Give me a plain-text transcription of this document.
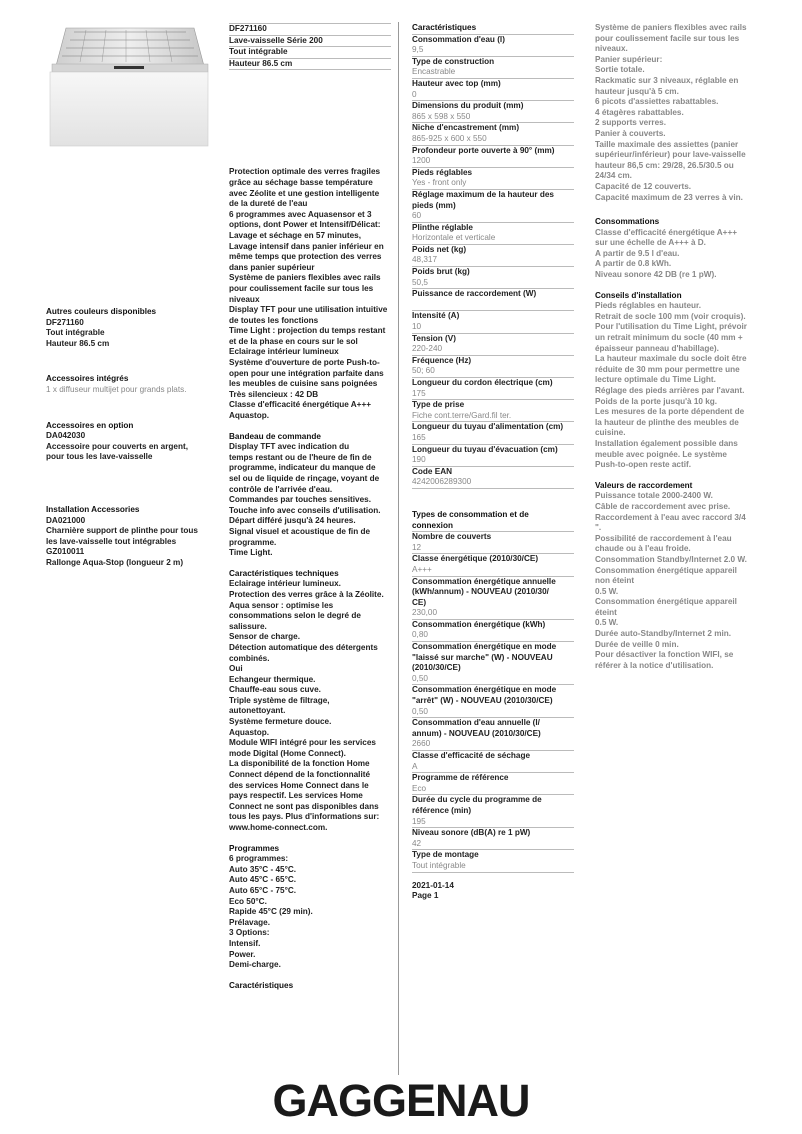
Autres couleurs disponibles
DF271160
Tout intégrable
Hauteur 86.5 cm
Accessoires intégrés
1 x diffuseur multijet pour grands plats.
Accessoires en option
DA042030
Accessoire pour couverts en argent,
pour tous les lave-vaisselle
Installation Accessories
DA021000
Charnière support de plinthe pour tous
les lave-vaisselle tout intégrables
GZ010011
Rallonge Aqua-Stop (longueur 2 m)
DF271160
Lave-vaisselle Série 200
Tout intégrable
Hauteur 86.5 cm
Protection optimale des verres fragiles
grâce au séchage basse température
avec Zéolite et une gestion intelligente
de la dureté de l'eau
6 programmes avec Aquasensor et 3
options, dont Power et Intensif/Délicat:
Lavage et séchage en 57 minutes,
Lavage intensif dans panier inférieur en
même temps que protection des verres
dans panier supérieur
Système de paniers flexibles avec rails
pour coulissement facile sur tous les
niveaux
Display TFT pour une utilisation intuitive
de toutes les fonctions
Time Light : projection du temps restant
et de la phase en cours sur le sol
Eclairage intérieur lumineux
Système d'ouverture de porte Push-to-
open pour une intégration parfaite dans
les meubles de cuisine sans poignées
Très silencieux : 42 DB
Classe d'efficacité énergétique A+++
Aquastop.
Bandeau de commande
Display TFT avec indication du
temps restant ou de l'heure de fin de
programme, indicateur du manque de
sel ou de liquide de rinçage, voyant de
contrôle de l'arrivée d'eau.
Commandes par touches sensitives.
Touche info avec conseils d'utilisation.
Départ différé jusqu'à 24 heures.
Signal visuel et acoustique de fin de
programme.
Time Light.
Caractéristiques techniques
Eclairage intérieur lumineux.
Protection des verres grâce à la Zéolite.
Aqua sensor : optimise les
consommations selon le degré de
salissure.
Sensor de charge.
Détection automatique des détergents
combinés.
Oui
Echangeur thermique.
Chauffe-eau sous cuve.
Triple système de filtrage,
autonettoyant.
Système fermeture douce.
Aquastop.
Module WIFI intégré pour les services
mode Digital (Home Connect).
La disponibilité de la fonction Home
Connect dépend de la fonctionnalité
des services Home Connect dans le
pays respectif. Les services Home
Connect ne sont pas disponibles dans
tous les pays. Plus d'informations sur:
www.home-connect.com.
Programmes
6 programmes:
Auto 35°C - 45°C.
Auto 45°C - 65°C.
Auto 65°C - 75°C.
Eco 50°C.
Rapide 45°C (29 min).
Prélavage.
3 Options:
Intensif.
Power.
Demi-charge.
Caractéristiques
Caractéristiques
Consommation d'eau (l)
9,5
Type de construction
Encastrable
Hauteur avec top (mm)
0
Dimensions du produit (mm)
865 x 598 x 550
Niche d'encastrement (mm)
865-925 x 600 x 550
Profondeur porte ouverte à 90° (mm)
1200
Pieds réglables
Yes - front only
Réglage maximum de la hauteur des
pieds (mm)
60
Plinthe réglable
Horizontale et verticale
Poids net (kg)
48,317
Poids brut (kg)
50,5
Puissance de raccordement (W)
Intensité (A)
10
Tension (V)
220-240
Fréquence (Hz)
50; 60
Longueur du cordon électrique (cm)
175
Type de prise
Fiche cont.terre/Gard.fil ter.
Longueur du tuyau d'alimentation (cm)
165
Longueur du tuyau d'évacuation (cm)
190
Code EAN
4242006289300
Types de consommation et de
connexion
Nombre de couverts
12
Classe énergétique (2010/30/CE)
A+++
Consommation énergétique annuelle
(kWh/annum) - NOUVEAU (2010/30/
CE)
230,00
Consommation énergétique (kWh)
0,80
Consommation énergétique en mode
"laissé sur marche" (W) - NOUVEAU
(2010/30/CE)
0,50
Consommation énergétique en mode
"arrêt" (W) - NOUVEAU (2010/30/CE)
0,50
Consommation d'eau annuelle (l/
annum) - NOUVEAU (2010/30/CE)
2660
Classe d'efficacité de séchage
A
Programme de référence
Eco
Durée du cycle du programme de
référence (min)
195
Niveau sonore (dB(A) re 1 pW)
42
Type de montage
Tout intégrable
2021-01-14
Page 1
Système de paniers flexibles avec rails
pour coulissement facile sur tous les
niveaux.
Panier supérieur:
Sortie totale.
Rackmatic sur 3 niveaux, réglable en
hauteur jusqu'à 5 cm.
6 picots d'assiettes rabattables.
4 étagères rabattables.
2 supports verres.
Panier à couverts.
Taille maximale des assiettes (panier
supérieur/inférieur) pour lave-vaisselle
hauteur 86,5 cm: 29/28, 26.5/30.5 ou
24/34 cm.
Capacité de 12 couverts.
Capacité maximum de 23 verres à vin.
Consommations
Classe d'efficacité énergétique A+++
sur une échelle de A+++ à D.
A partir de 9.5 l d'eau.
A partir de 0.8 kWh.
Niveau sonore 42 DB (re 1 pW).
Conseils d'installation
Pieds réglables en hauteur.
Retrait de socle 100 mm (voir croquis).
Pour l'utilisation du Time Light, prévoir
un retrait minimum du socle (40 mm +
épaisseur panneau d'habillage).
La hauteur maximale du socle doit être
réduite de 30 mm pour permettre une
lecture optimale du Time Light.
Réglage des pieds arrières par l'avant.
Poids de la porte jusqu'à 10 kg.
Les mesures de la porte dépendent de
la hauteur de plinthe des meubles de
cuisine.
Installation également possible dans
meuble avec poignée. Le système
Push-to-open reste actif.
Valeurs de raccordement
Puissance totale 2000-2400 W.
Câble de raccordement avec prise.
Raccordement à l'eau avec raccord 3/4
".
Possibilité de raccordement à l'eau
chaude ou à l'eau froide.
Consommation Standby/Internet 2.0 W.
Consommation énergétique appareil
non éteint
0.5 W.
Consommation énergétique appareil
éteint
0.5 W.
Durée auto-Standby/Internet 2 min.
Durée de veille 0 min.
Pour désactiver la fonction WIFI, se
référer à la notice d'utilisation.
GAGGENAU
